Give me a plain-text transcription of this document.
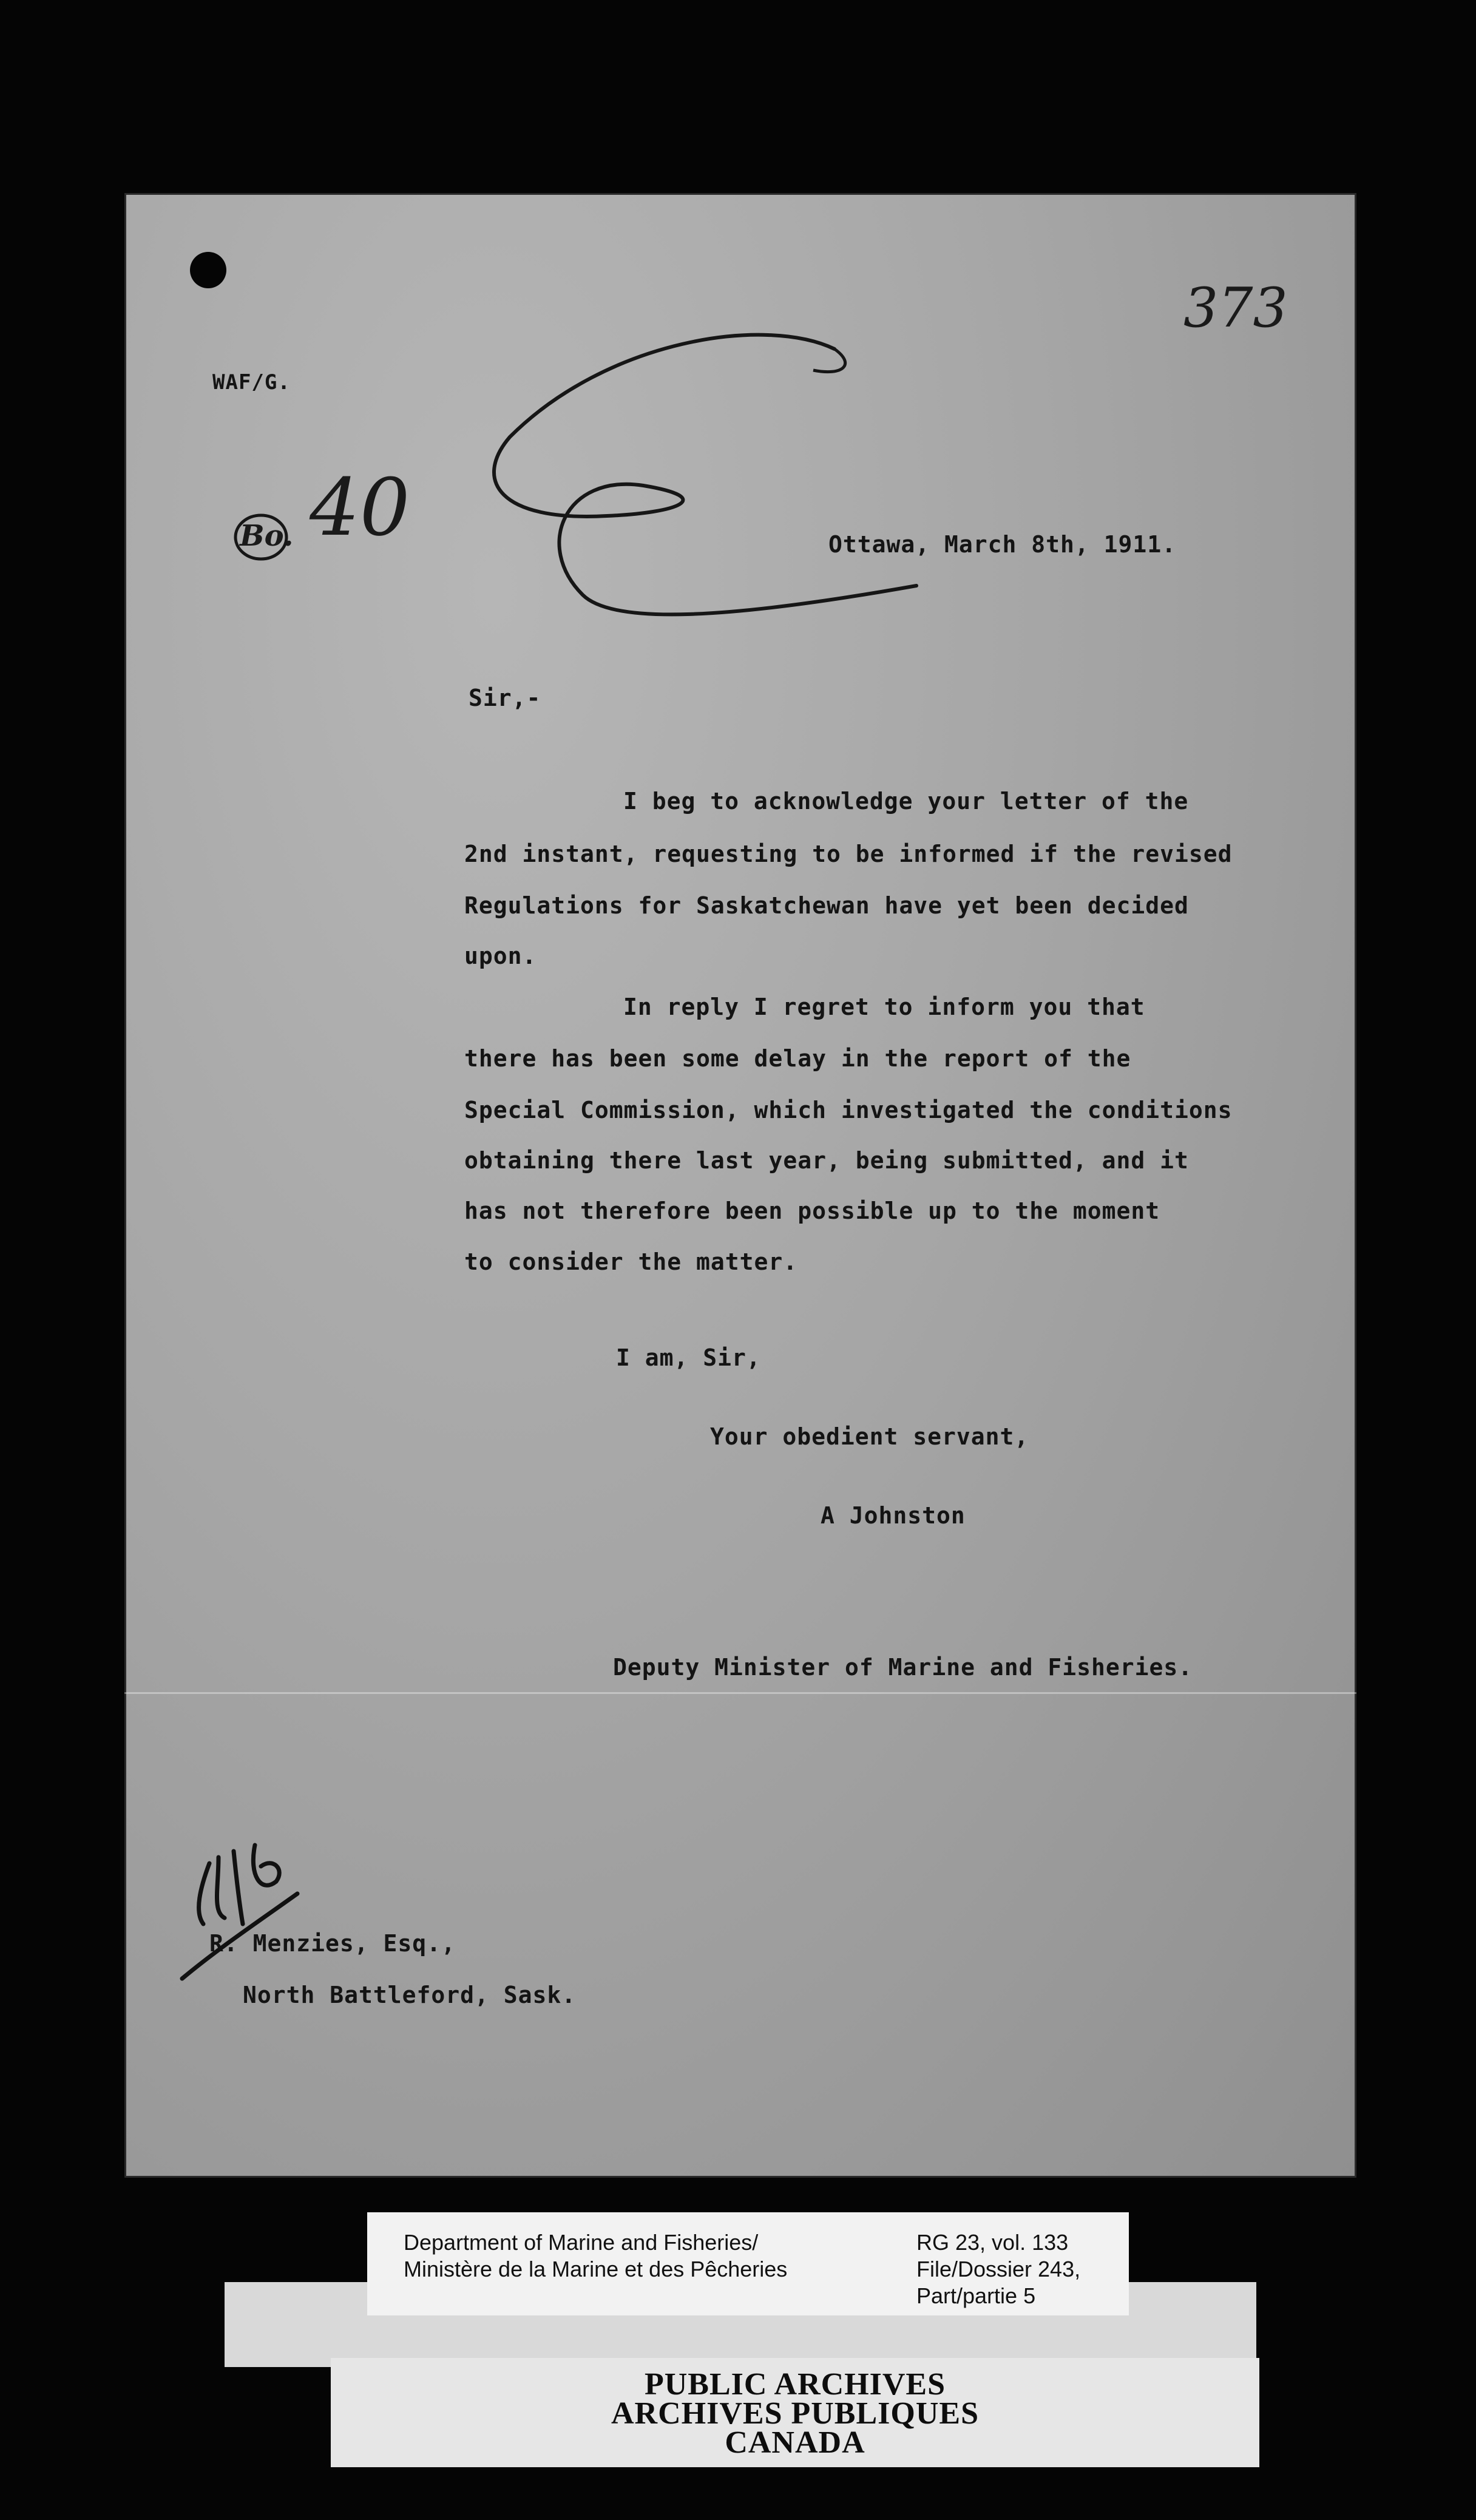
WAF/G.
Ottawa, March 8th, 1911.
Sir,-
I beg to acknowledge your letter of the
2nd instant, requesting to be informed if the revised
Regulations for Saskatchewan have yet been decided
upon.
In reply I regret to inform you that
there has been some delay in the report of the
Special Commission, which investigated the conditions
obtaining there last year, being submitted, and it
has not therefore been possible up to the moment
to consider the matter.
I am, Sir,
Your obedient servant,
A Johnston
Deputy Minister of Marine and Fisheries.
R. Menzies, Esq.,
North Battleford, Sask.
373
Bo. 40
Department of Marine and Fisheries/
Ministère de la Marine et des Pêcheries
RG 23, vol. 133
File/Dossier 243,
Part/partie 5
PUBLIC ARCHIVES
ARCHIVES PUBLIQUES
CANADA
